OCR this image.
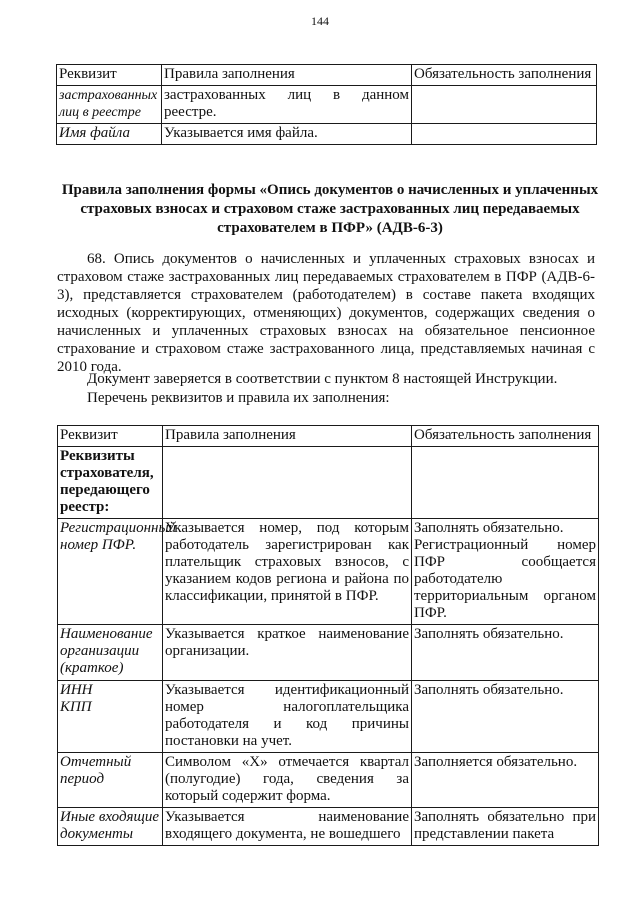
144
Реквизит	Правила заполнения	Обязательность заполнения
застрахованных лиц в реестре	застрахованных лиц в данном реестре.	
Имя файла	Указывается имя файла.	
Правила заполнения формы «Опись документов о начисленных и уплаченных страховых взносах и страховом стаже застрахованных лиц передаваемых страхователем в ПФР» (АДВ-6-3)
68. Опись документов о начисленных и уплаченных страховых взносах и страховом стаже застрахованных лиц передаваемых страхователем в ПФР (АДВ-6-3), представляется страхователем (работодателем) в составе пакета входящих исходных (корректирующих, отменяющих) документов, содержащих сведения о начисленных и уплаченных страховых взносах на обязательное пенсионное страхование и страховом стаже застрахованного лица, представляемых начиная с 2010 года.
Документ заверяется в соответствии с пунктом 8 настоящей Инструкции.
Перечень реквизитов и правила их заполнения:
Реквизит	Правила заполнения	Обязательность заполнения
Реквизиты страхователя, передающего реестр:		
Регистрационный номер ПФР.	Указывается номер, под которым работодатель зарегистрирован как плательщик страховых взносов, с указанием кодов региона и района по классификации, принятой в ПФР.	Заполнять обязательно.
Регистрационный номер ПФР сообщается работодателю территориальным органом ПФР.

Наименование организации (краткое)	Указывается краткое наименование организации.	Заполнять обязательно.

ИНН
КПП	Указывается идентификационный номер налогоплательщика работодателя и код причины постановки на учет.	Заполнять обязательно.
Отчетный период	Символом «Х» отмечается квартал (полугодие) года, сведения за который содержит форма.	Заполняется обязательно.
Иные входящие документы	Указывается наименование входящего документа, не вошедшего	Заполнять обязательно при представлении пакета
